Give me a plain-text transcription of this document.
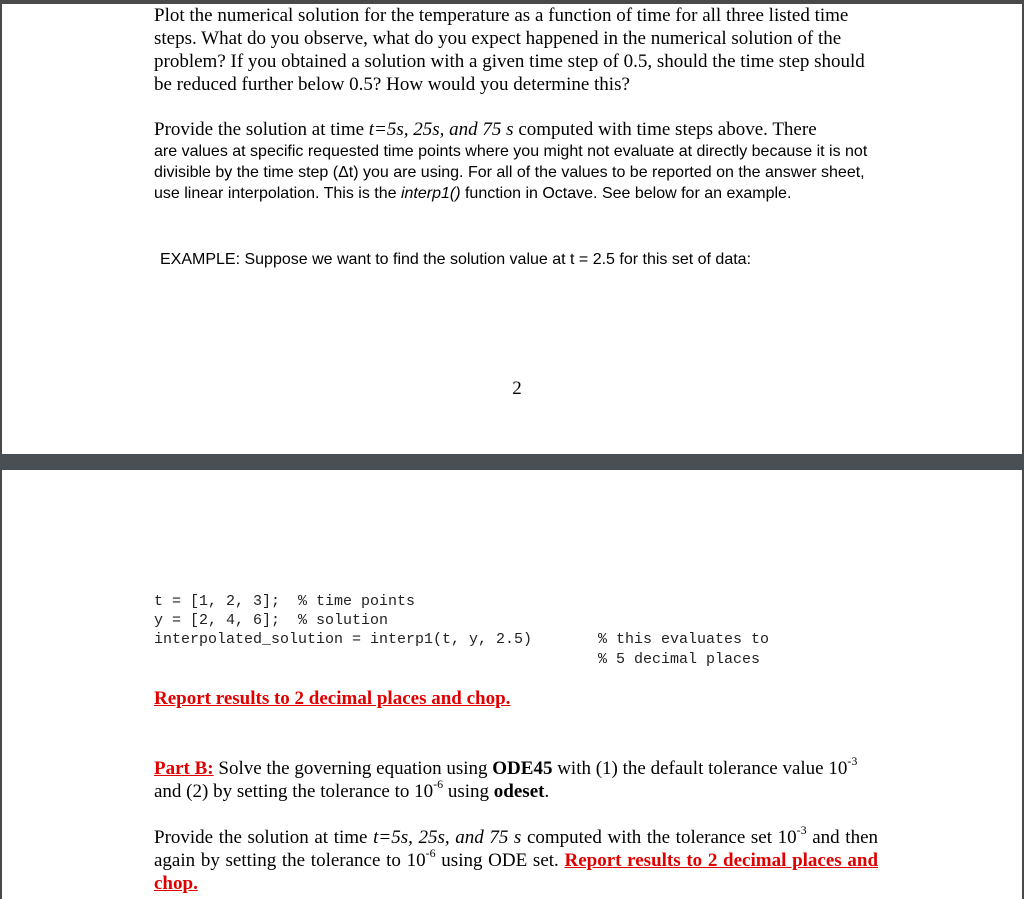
Plot the numerical solution for the temperature as a function of time for all three listed time steps. What do you observe, what do you expect happened in the numerical solution of the problem? If you obtained a solution with a given time step of 0.5, should the time step should be reduced further below 0.5? How would you determine this?

Provide the solution at time t=5s, 25s, and 75 s computed with time steps above. There
are values at specific requested time points where you might not evaluate at directly because it is not divisible by the time step (Δt) you are using. For all of the values to be reported on the answer sheet, use linear interpolation. This is the interp1() function in Octave. See below for an example.

EXAMPLE: Suppose we want to find the solution value at t = 2.5 for this set of data:

2

t = [1, 2, 3];  % time points
y = [2, 4, 6];  % solution
interpolated_solution = interp1(t, y, 2.5)	% this evaluates to
% 5 decimal places

Report results to 2 decimal places and chop.

Part B: Solve the governing equation using ODE45 with (1) the default tolerance value $10^{-3}$ and (2) by setting the tolerance to $10^{-6}$ using odeset.

Provide the solution at time t=5s, 25s, and 75 s computed with the tolerance set $10^{-3}$ and then again by setting the tolerance to $10^{-6}$ using ODE set. Report results to 2 decimal places and chop.
